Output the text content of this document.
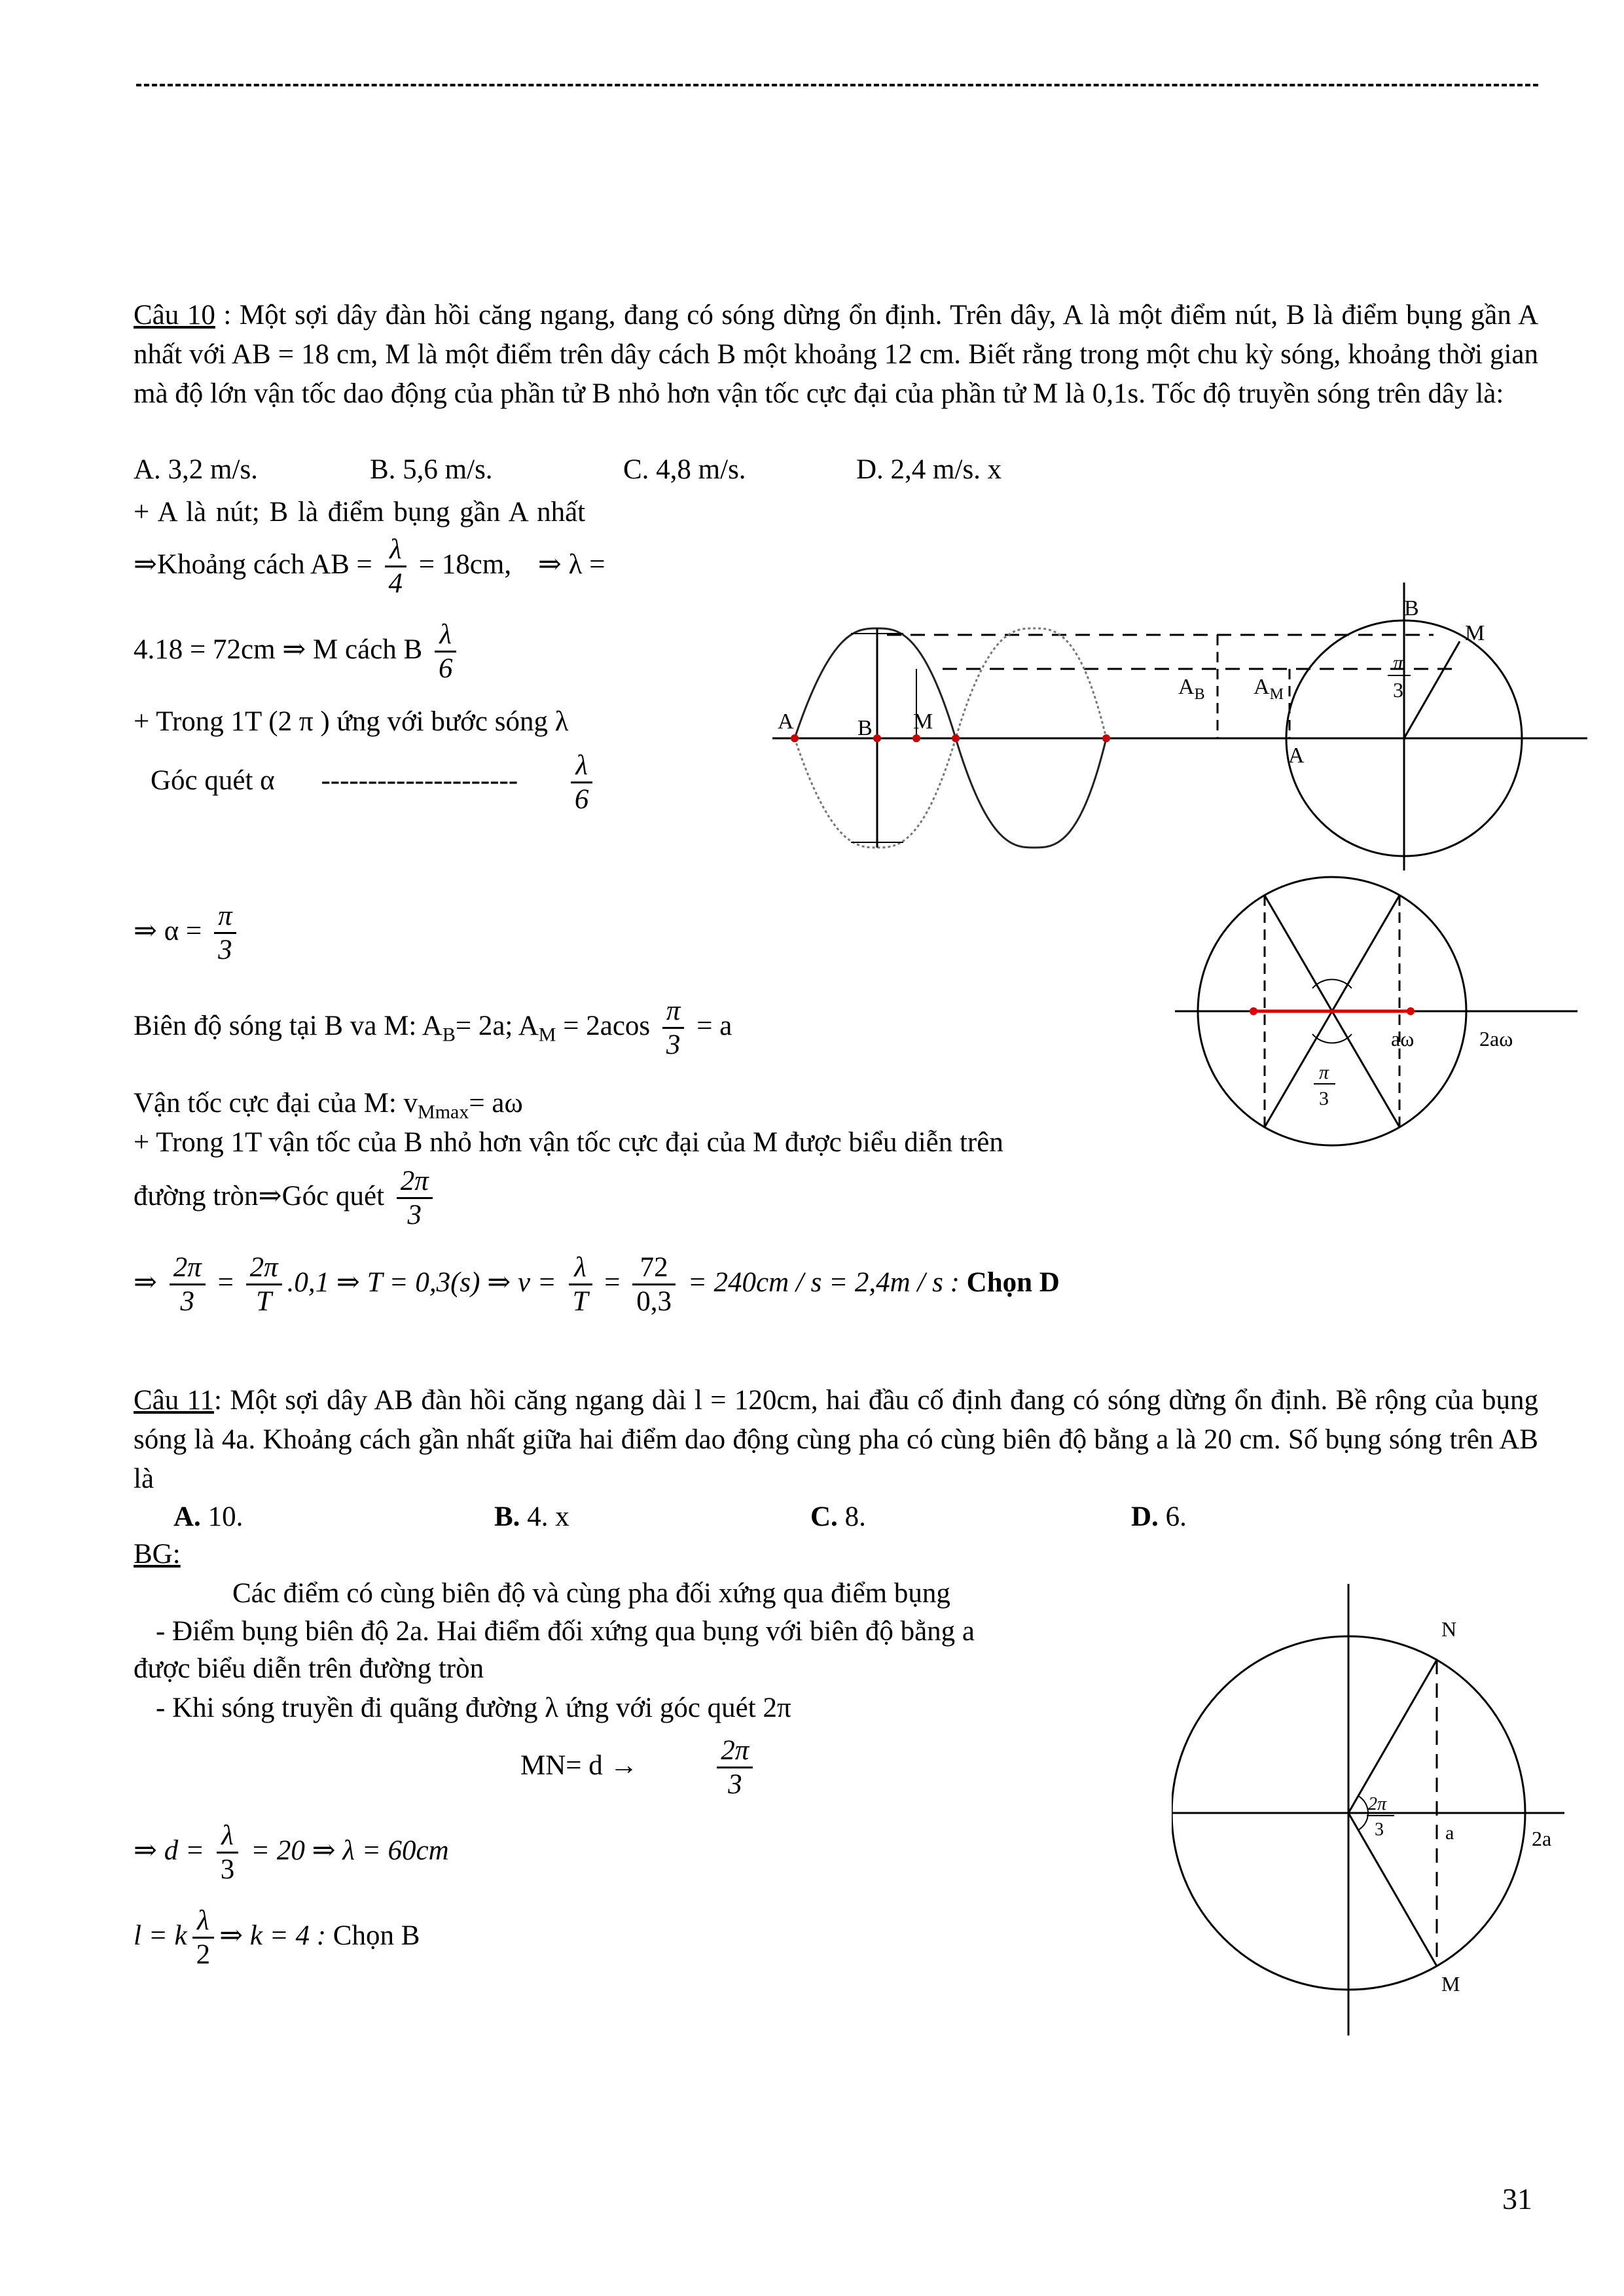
Câu 10 : Một sợi dây đàn hồi căng ngang, đang có sóng dừng ổn định. Trên dây, A là một điểm nút, B là điểm bụng gần A nhất với AB = 18 cm, M là một điểm trên dây cách B một khoảng 12 cm. Biết rằng trong một chu kỳ sóng, khoảng thời gian mà độ lớn vận tốc dao động của phần tử B nhỏ hơn vận tốc cực đại của phần tử M là 0,1s. Tốc độ truyền sóng trên dây là:
A. 3,2 m/s.	B. 5,6 m/s.	C. 4,8 m/s.	D. 2,4 m/s. x
+ A là nút; B là điểm bụng gần A nhất
⇒Khoảng cách AB = $\frac{\lambda}{4} = 18cm$, ⇒ λ =
4.18 = 72cm ⇒ M cách B $\frac{\lambda}{6}$
+ Trong 1T (2 π ) ứng với bước sóng λ
Góc quét α --------------------- $\frac{\lambda}{6}$
⇒ $\alpha = \frac{\pi}{3}$
Biên độ sóng tại B va M: $A_B= 2a$; $A_M = 2acos \frac{\pi}{3} = a$
Vận tốc cực đại của M: $v_{Mmax}= a\omega$
+ Trong 1T vận tốc của B nhỏ hơn vận tốc cực đại của M được biểu diễn trên
đường tròn⇒Góc quét $\frac{2\pi}{3}$
⇒ $\frac{2\pi}{3} = \frac{2\pi}{T} .0,1$ ⇒ T = 0,3(s) ⇒ $v = \frac{\lambda}{T} = \frac{72}{0,3} = 240cm / s = 2,4m / s$ : Chọn D
A	B M
$A_B$ $A_M$
B
M
A
π
3
aω	2aω
π
3
Câu 11: Một sợi dây AB đàn hồi căng ngang dài l = 120cm, hai đầu cố định đang có sóng dừng ổn định. Bề rộng của bụng sóng là 4a. Khoảng cách gần nhất giữa hai điểm dao động cùng pha có cùng biên độ bằng a là 20 cm. Số bụng sóng trên AB là
A. 10.	B. 4. x	C. 8.	D. 6.
BG:
Các điểm có cùng biên độ và cùng pha đối xứng qua điểm bụng
- Điểm bụng biên độ 2a. Hai điểm đối xứng qua bụng với biên độ bằng a
được biểu diễn trên đường tròn
- Khi sóng truyền đi quãng đường λ ứng với góc quét 2π
MN= d →	$\frac{2\pi}{3}$
⇒ $d = \frac{\lambda}{3} = 20$ ⇒ λ = 60cm
l = k $\frac{\lambda}{2}$ ⇒ k = 4 : Chọn B
N
M
a	2a
2π
3
31
